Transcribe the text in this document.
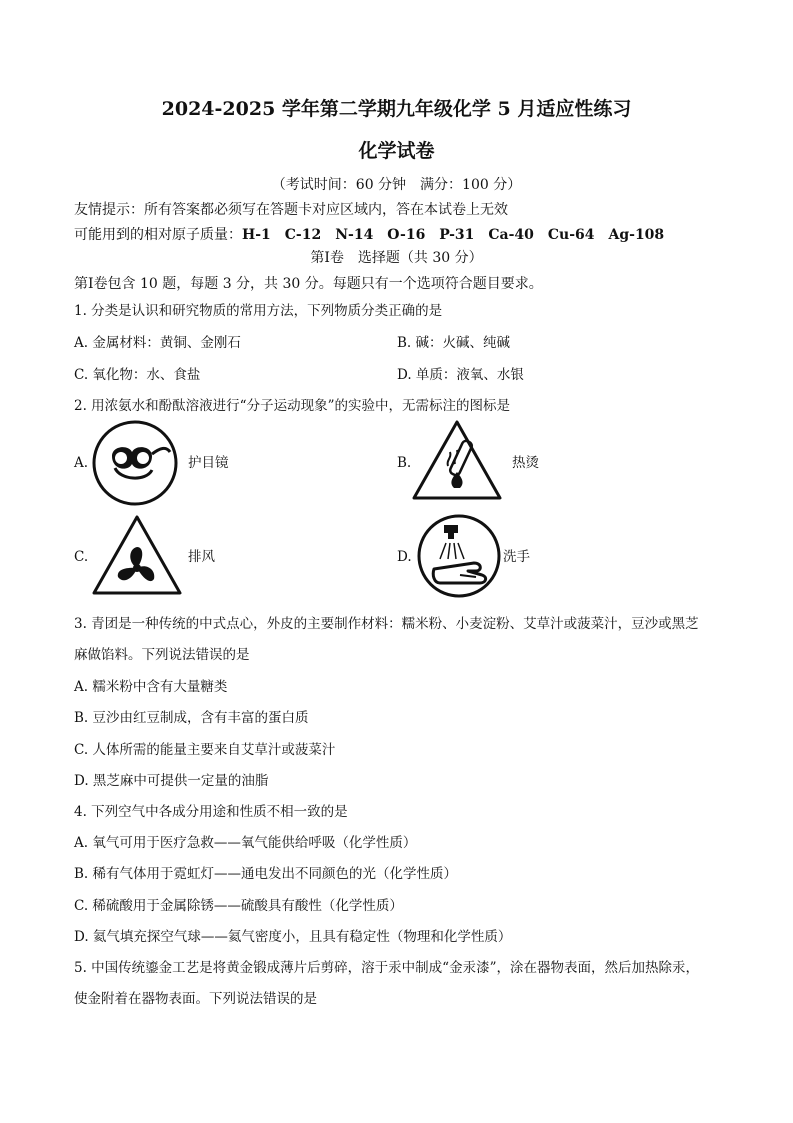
2024-2025 学年第二学期九年级化学 5 月适应性练习
化学试卷
（考试时间：60 分钟　满分：100 分）
友情提示：所有答案都必须写在答题卡对应区域内，答在本试卷上无效
可能用到的相对原子质量：H-1　C-12　N-14　O-16　P-31　Ca-40　Cu-64　Ag-108
第Ⅰ卷　选择题（共 30 分）
第Ⅰ卷包含 10 题，每题 3 分，共 30 分。每题只有一个选项符合题目要求。
1. 分类是认识和研究物质的常用方法，下列物质分类正确的是
A. 金属材料：黄铜、金刚石	B. 碱：火碱、纯碱
C. 氧化物：水、食盐	D. 单质：液氧、水银
2. 用浓氨水和酚酞溶液进行“分子运动现象”的实验中，无需标注的图标是
A.	护目镜	B.	热烫
C.	排风	D.	洗手
3. 青团是一种传统的中式点心，外皮的主要制作材料：糯米粉、小麦淀粉、艾草汁或菠菜汁，豆沙或黑芝
麻做馅料。下列说法错误的是
A. 糯米粉中含有大量糖类
B. 豆沙由红豆制成，含有丰富的蛋白质
C. 人体所需的能量主要来自艾草汁或菠菜汁
D. 黑芝麻中可提供一定量的油脂
4. 下列空气中各成分用途和性质不相一致的是
A. 氧气可用于医疗急救——氧气能供给呼吸（化学性质）
B. 稀有气体用于霓虹灯——通电发出不同颜色的光（化学性质）
C. 稀硫酸用于金属除锈——硫酸具有酸性（化学性质）
D. 氦气填充探空气球——氦气密度小，且具有稳定性（物理和化学性质）
5. 中国传统鎏金工艺是将黄金锻成薄片后剪碎，溶于汞中制成“金汞漆”，涂在器物表面，然后加热除汞，
使金附着在器物表面。下列说法错误的是
